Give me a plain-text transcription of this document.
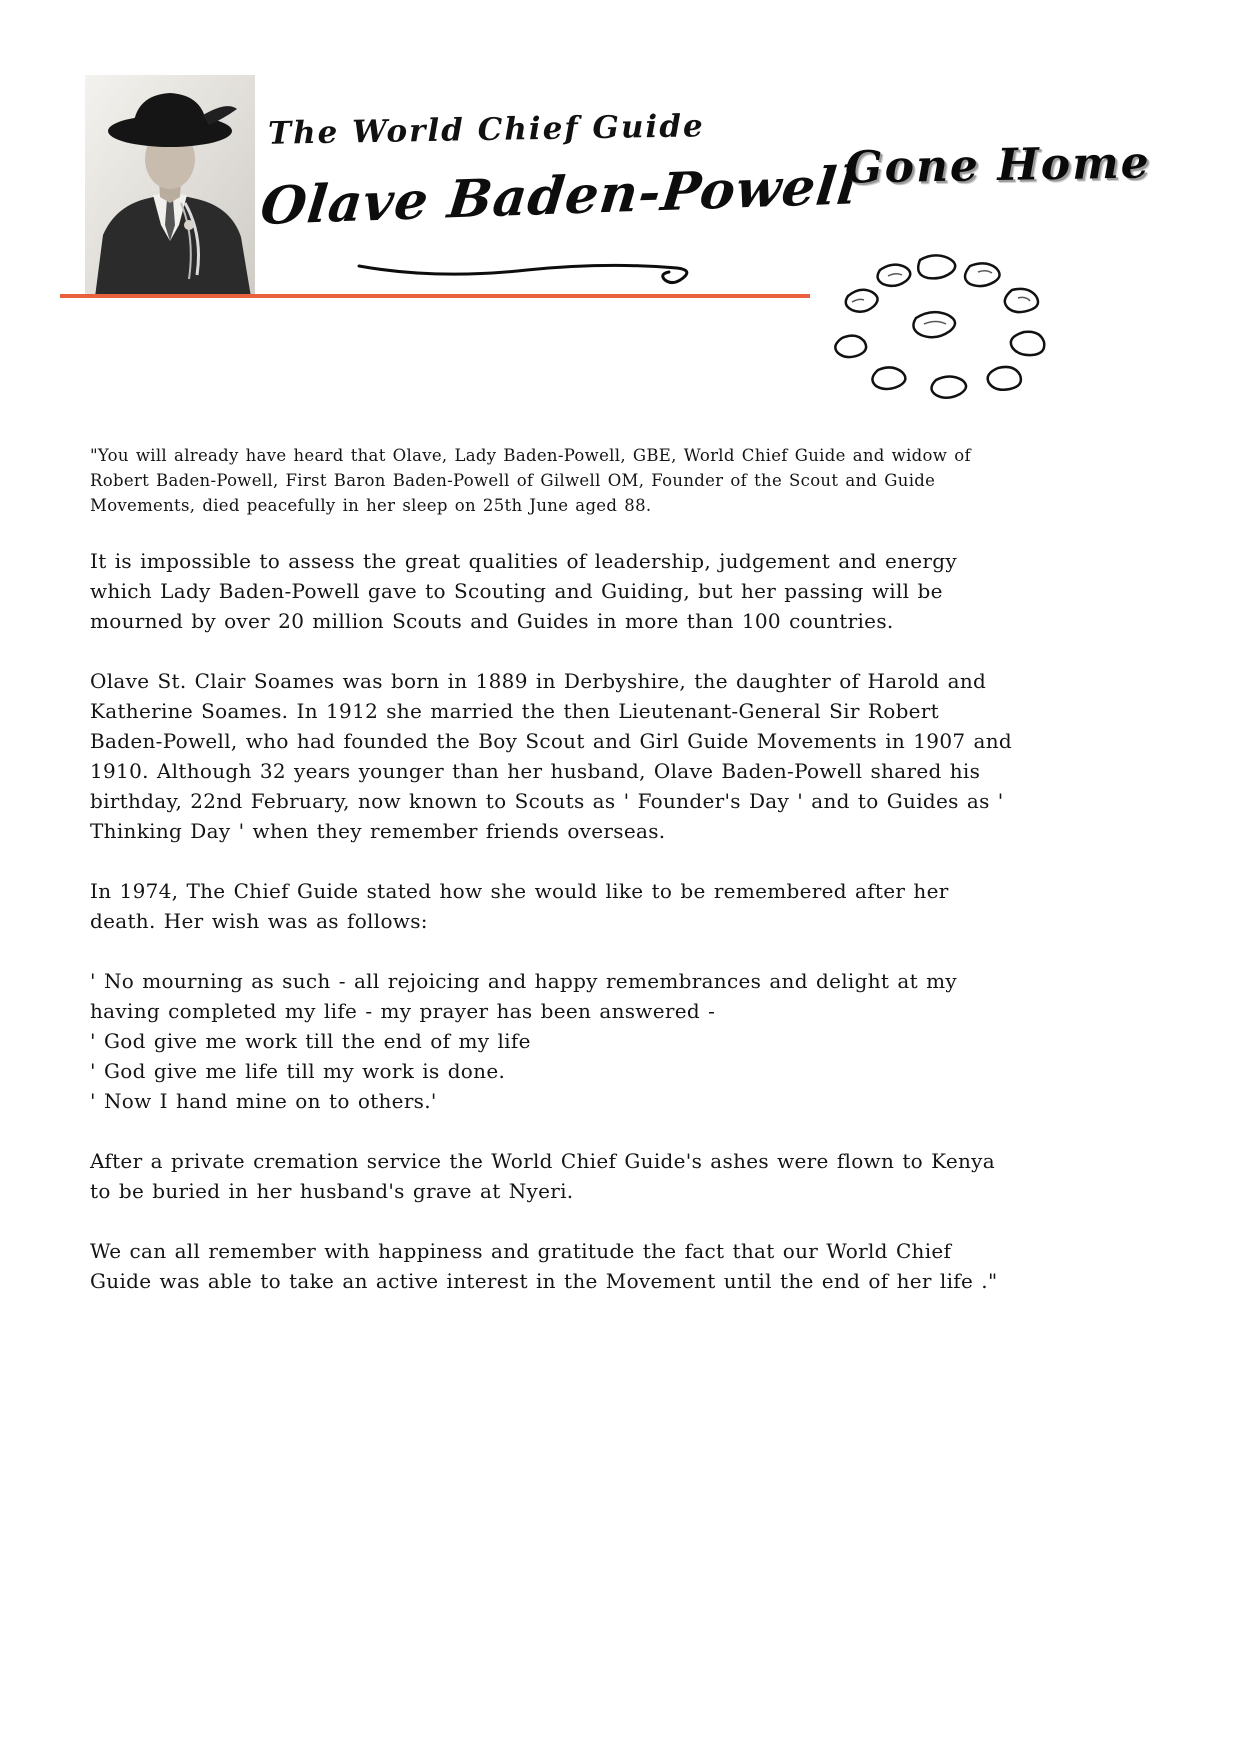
The World Chief Guide
Olave Baden-Powell
Gone Home

"You will already have heard that Olave, Lady Baden-Powell, GBE, World Chief Guide and widow of Robert Baden-Powell, First Baron Baden-Powell of Gilwell OM, Founder of the Scout and Guide Movements, died peacefully in her sleep on 25th June aged 88.

It is impossible to assess the great qualities of leadership, judgement and energy which Lady Baden-Powell gave to Scouting and Guiding, but her passing will be mourned by over 20 million Scouts and Guides in more than 100 countries.

Olave St. Clair Soames was born in 1889 in Derbyshire, the daughter of Harold and Katherine Soames. In 1912 she married the then Lieutenant-General Sir Robert Baden-Powell, who had founded the Boy Scout and Girl Guide Movements in 1907 and 1910. Although 32 years younger than her husband, Olave Baden-Powell shared his birthday, 22nd February, now known to Scouts as ' Founder's Day ' and to Guides as ' Thinking Day ' when they remember friends overseas.

In 1974, The Chief Guide stated how she would like to be remembered after her death. Her wish was as follows:

' No mourning as such - all rejoicing and happy remembrances and delight at my having completed my life - my prayer has been answered -
' God give me work till the end of my life
' God give me life till my work is done.
' Now I hand mine on to others.'

After a private cremation service the World Chief Guide's ashes were flown to Kenya to be buried in her husband's grave at Nyeri.

We can all remember with happiness and gratitude the fact that our World Chief Guide was able to take an active interest in the Movement until the end of her life ."
